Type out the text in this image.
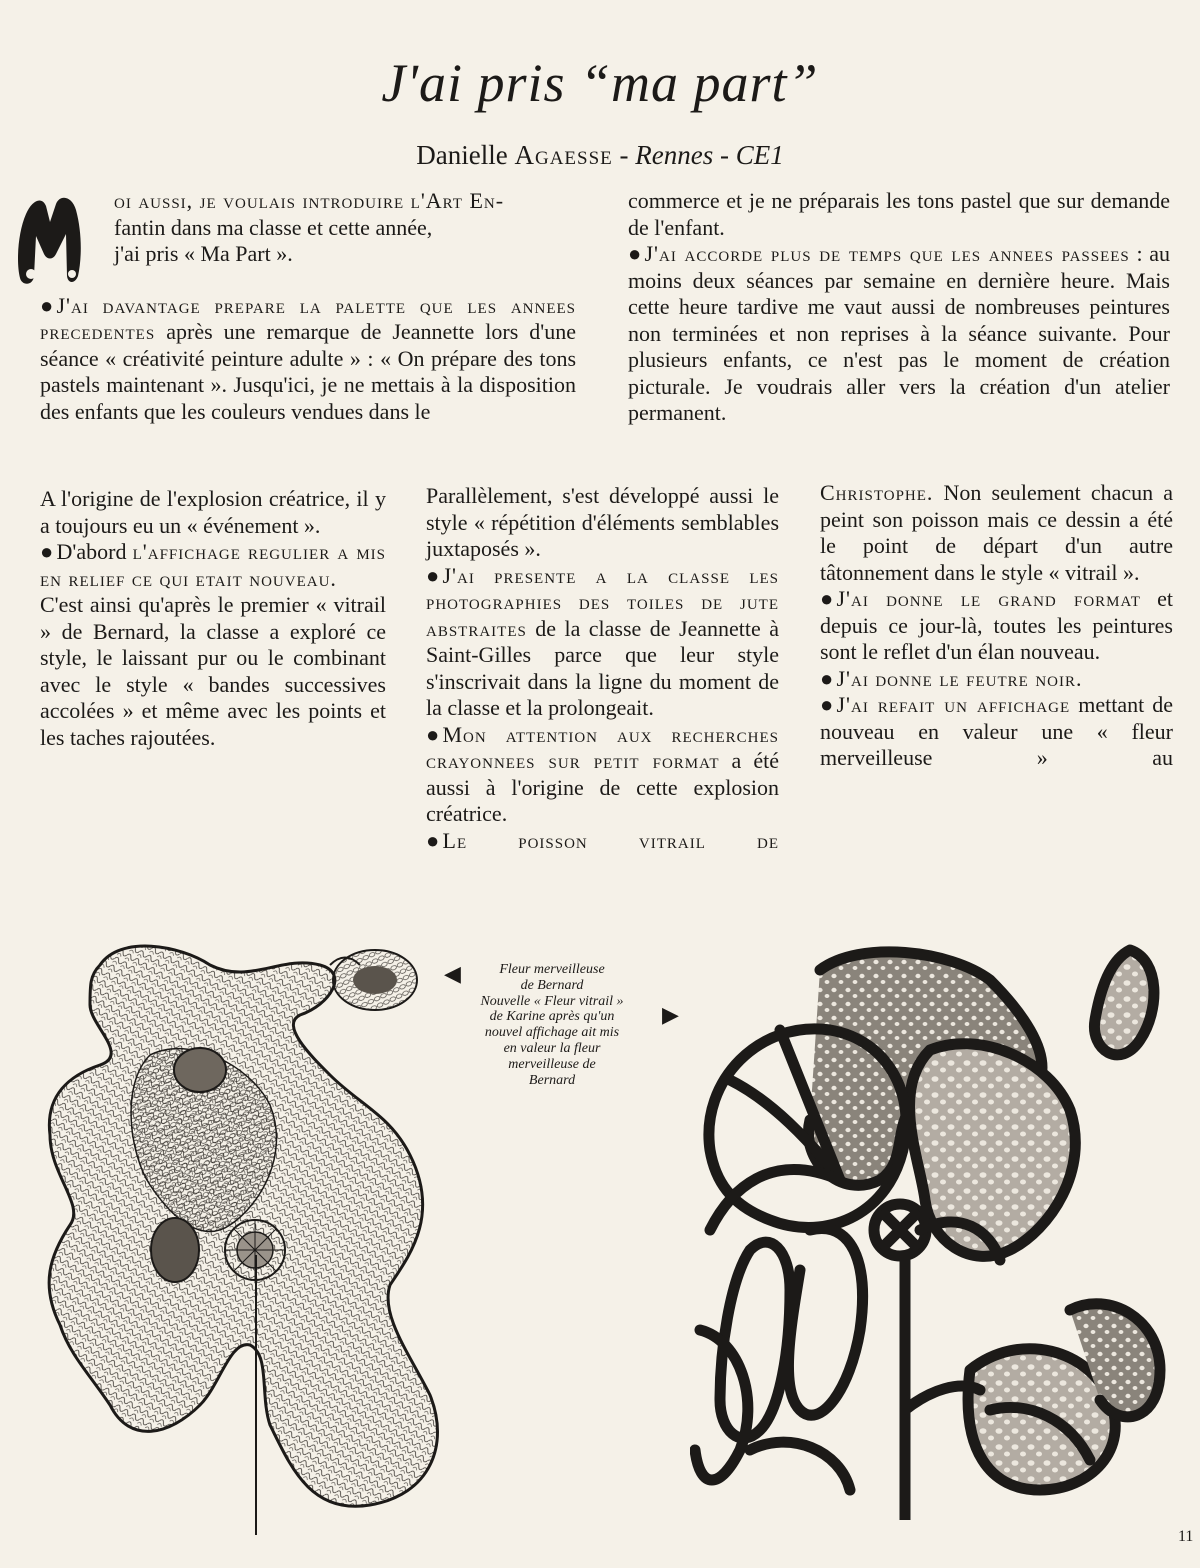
J'ai pris “ma part”
Danielle Agaesse - Rennes - CE1

oi aussi, je voulais introduire l'Art En-

fantin dans ma classe et cette année,

j'ai pris « Ma Part ».

● J'ai davantage prepare la palette que les annees precedentes après une remarque de Jeannette lors d'une séance « créativité peinture adulte » : « On prépare des tons pastels maintenant ». Jusqu'ici, je ne mettais à la disposition des enfants que les couleurs vendues dans le

commerce et je ne préparais les tons pastel que sur demande de l'enfant.

● J'ai accorde plus de temps que les annees passees : au moins deux séances par semaine en dernière heure. Mais cette heure tardive me vaut aussi de nombreuses peintures non terminées et non reprises à la séance suivante. Pour plusieurs enfants, ce n'est pas le moment de création picturale. Je voudrais aller vers la création d'un atelier permanent.

A l'origine de l'explosion créatrice, il y a toujours eu un « événement ».

● D'abord l'affichage regulier a mis en relief ce qui etait nouveau.

C'est ainsi qu'après le premier « vitrail » de Bernard, la classe a exploré ce style, le laissant pur ou le combinant avec le style « bandes successives accolées » et même avec les points et les taches rajoutées.

Parallèlement, s'est développé aussi le style « répétition d'éléments semblables juxtaposés ».

● J'ai presente a la classe les photographies des toiles de jute abstraites de la classe de Jeannette à Saint-Gilles parce que leur style s'inscrivait dans la ligne du moment de la classe et la prolongeait.

● Mon attention aux recherches crayonnees sur petit format a été aussi à l'origine de cette explosion créatrice.

● Le poisson vitrail de

Christophe. Non seulement chacun a peint son poisson mais ce dessin a été le point de départ d'un autre tâtonnement dans le style « vitrail ».

● J'ai donne le grand format et depuis ce jour-là, toutes les peintures sont le reflet d'un élan nouveau.

● J'ai donne le feutre noir.

● J'ai refait un affichage mettant de nouveau en valeur une « fleur merveilleuse » au

◀
▶
Fleur merveilleuse
de Bernard
Nouvelle « Fleur vitrail »
de Karine après qu'un
nouvel affichage ait mis
en valeur la fleur
merveilleuse de
Bernard
11
